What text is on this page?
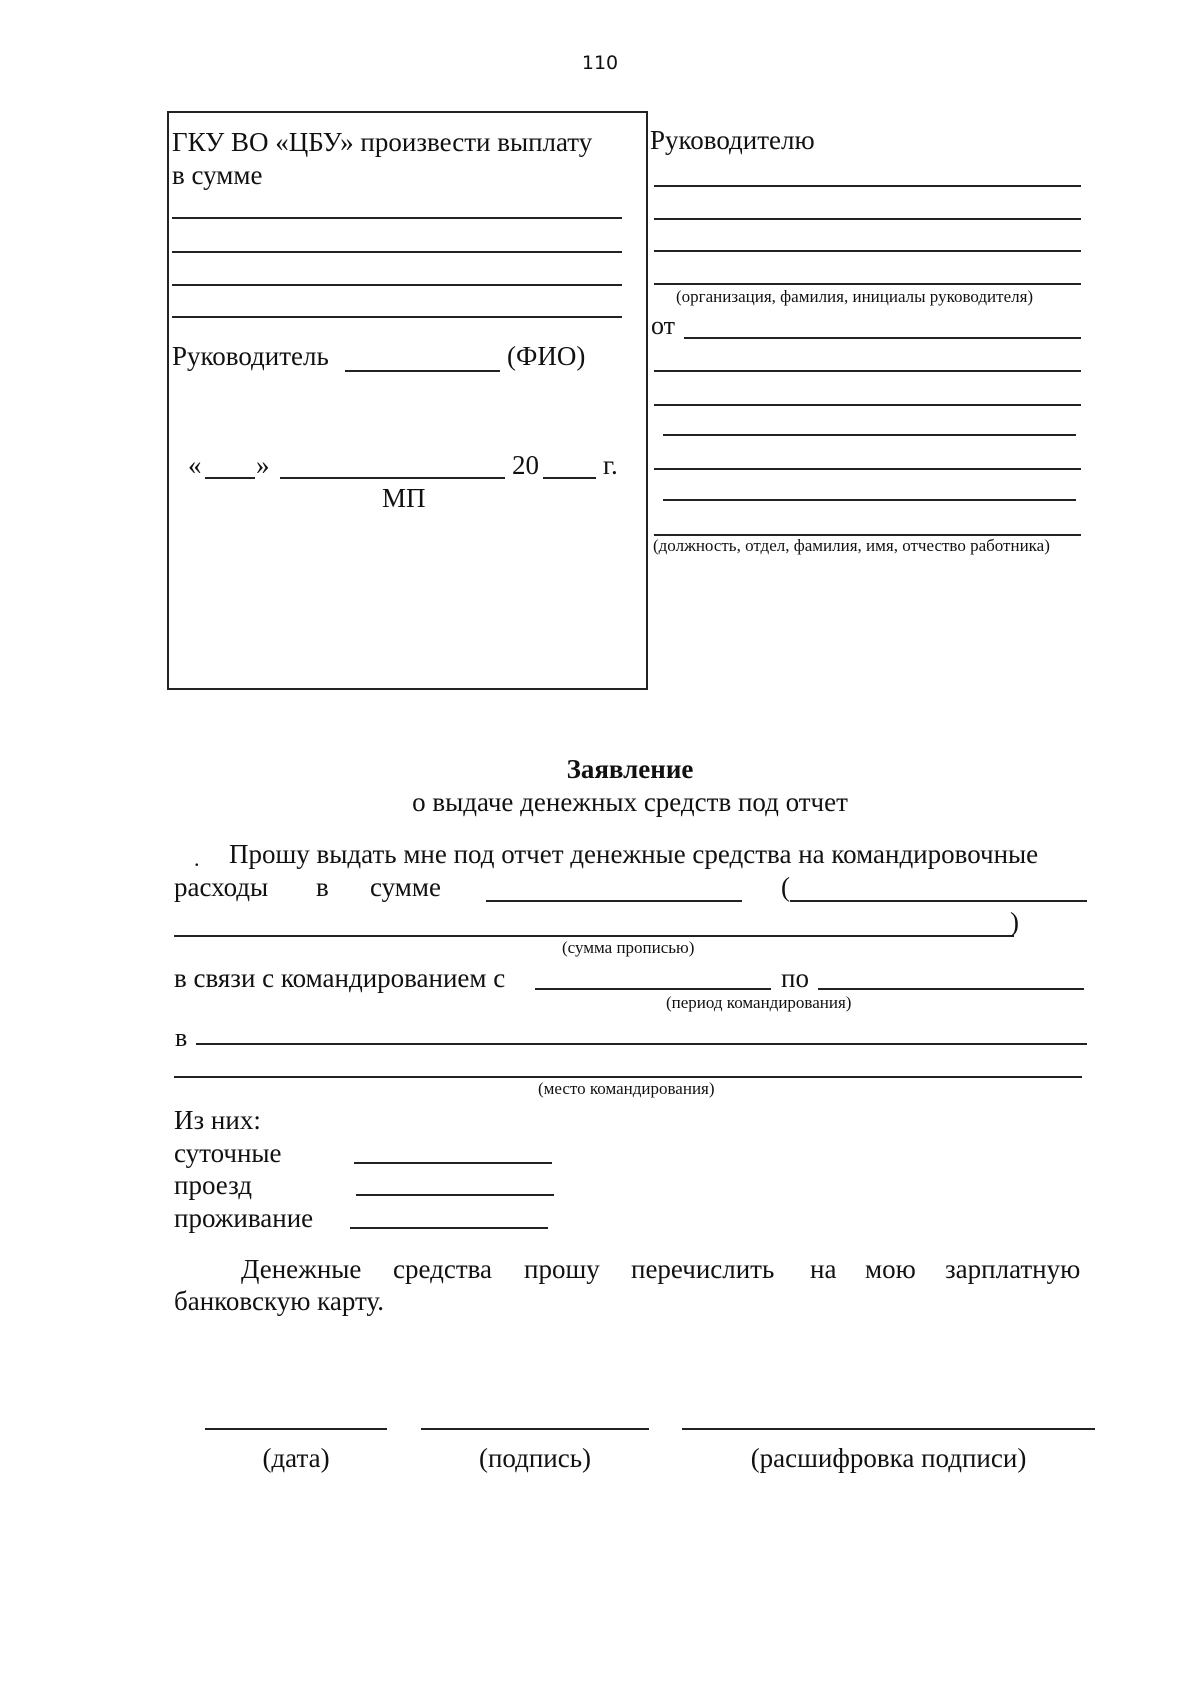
110
ГКУ ВО «ЦБУ» произвести выплату
в сумме
Руководитель	(ФИО)
« »	20 г.
МП
Руководителю
(организация, фамилия, инициалы руководителя)
от
(должность, отдел, фамилия, имя, отчество работника)
Заявление
о выдаче денежных средств под отчет
. Прошу выдать мне под отчет денежные средства на командировочные
расходы в сумме	(
)
(сумма прописью)
в связи с командированием с	по
(период командирования)
в
(место командирования)
Из них:
суточные
проезд
проживание
Денежные средства прошу перечислить на мою зарплатную
банковскую карту.
(дата)	(подпись)	(расшифровка подписи)
